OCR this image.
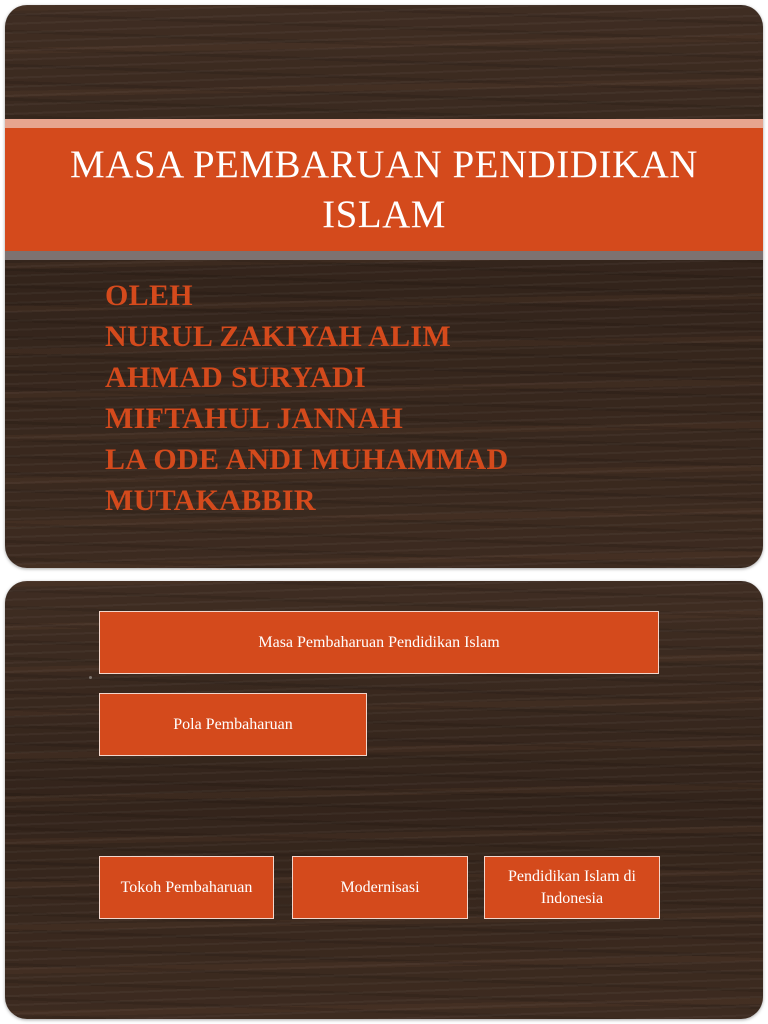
MASA PEMBARUAN PENDIDIKAN ISLAM
OLEH
NURUL ZAKIYAH ALIM
AHMAD SURYADI
MIFTAHUL JANNAH
LA ODE ANDI MUHAMMAD
MUTAKABBIR
Masa Pembaharuan Pendidikan Islam
Pola Pembaharuan
Tokoh Pembaharuan	Modernisasi
Pendidikan Islam di Indonesia
